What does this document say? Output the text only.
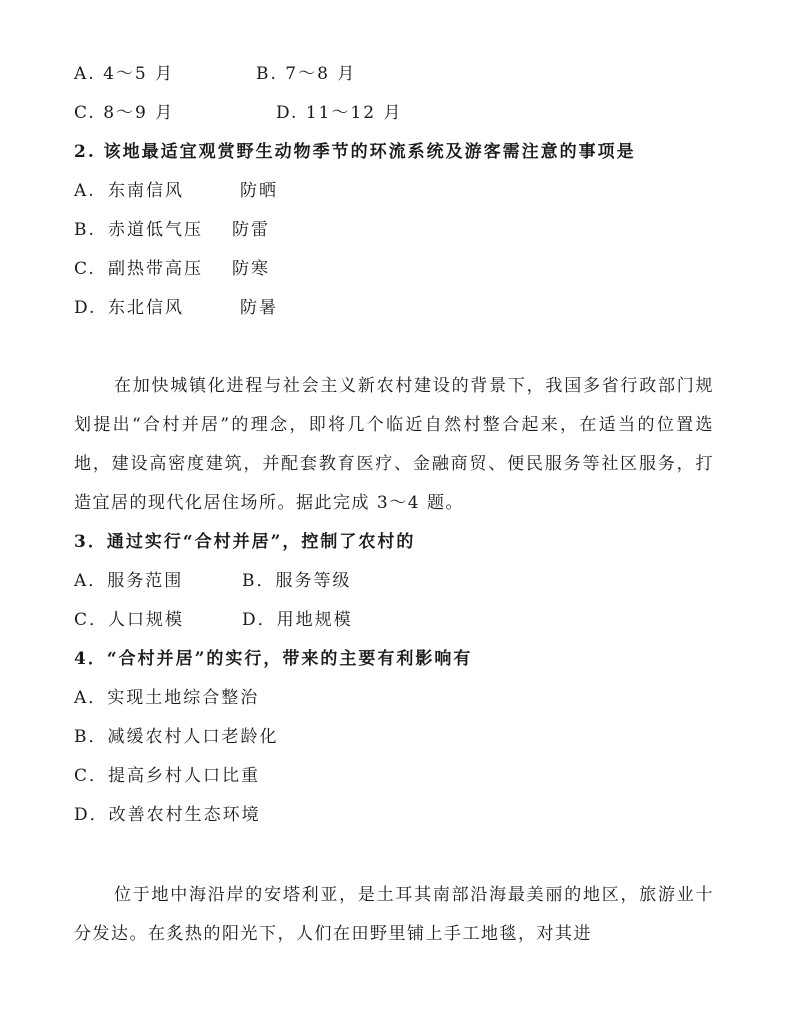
A. 4～5 月	B. 7～8 月
C. 8～9 月	D. 11～12 月
2. 该地最适宜观赏野生动物季节的环流系统及游客需注意的事项是
A. 东南信风	防晒
B. 赤道低气压 防雷
C. 副热带高压 防寒
D. 东北信风	防暑
在加快城镇化进程与社会主义新农村建设的背景下，我国多省行政部门规划提出“合村并居”的理念，即将几个临近自然村整合起来，在适当的位置选地，建设高密度建筑，并配套教育医疗、金融商贸、便民服务等社区服务，打造宜居的现代化居住场所。据此完成 3～4 题。
3．通过实行“合村并居”，控制了农村的
A．服务范围	B．服务等级
C．人口规模	D．用地规模
4．“合村并居”的实行，带来的主要有利影响有
A．实现土地综合整治
B．减缓农村人口老龄化
C．提高乡村人口比重
D．改善农村生态环境
位于地中海沿岸的安塔利亚，是土耳其南部沿海最美丽的地区，旅游业十分发达。在炙热的阳光下，人们在田野里铺上手工地毯，对其进
